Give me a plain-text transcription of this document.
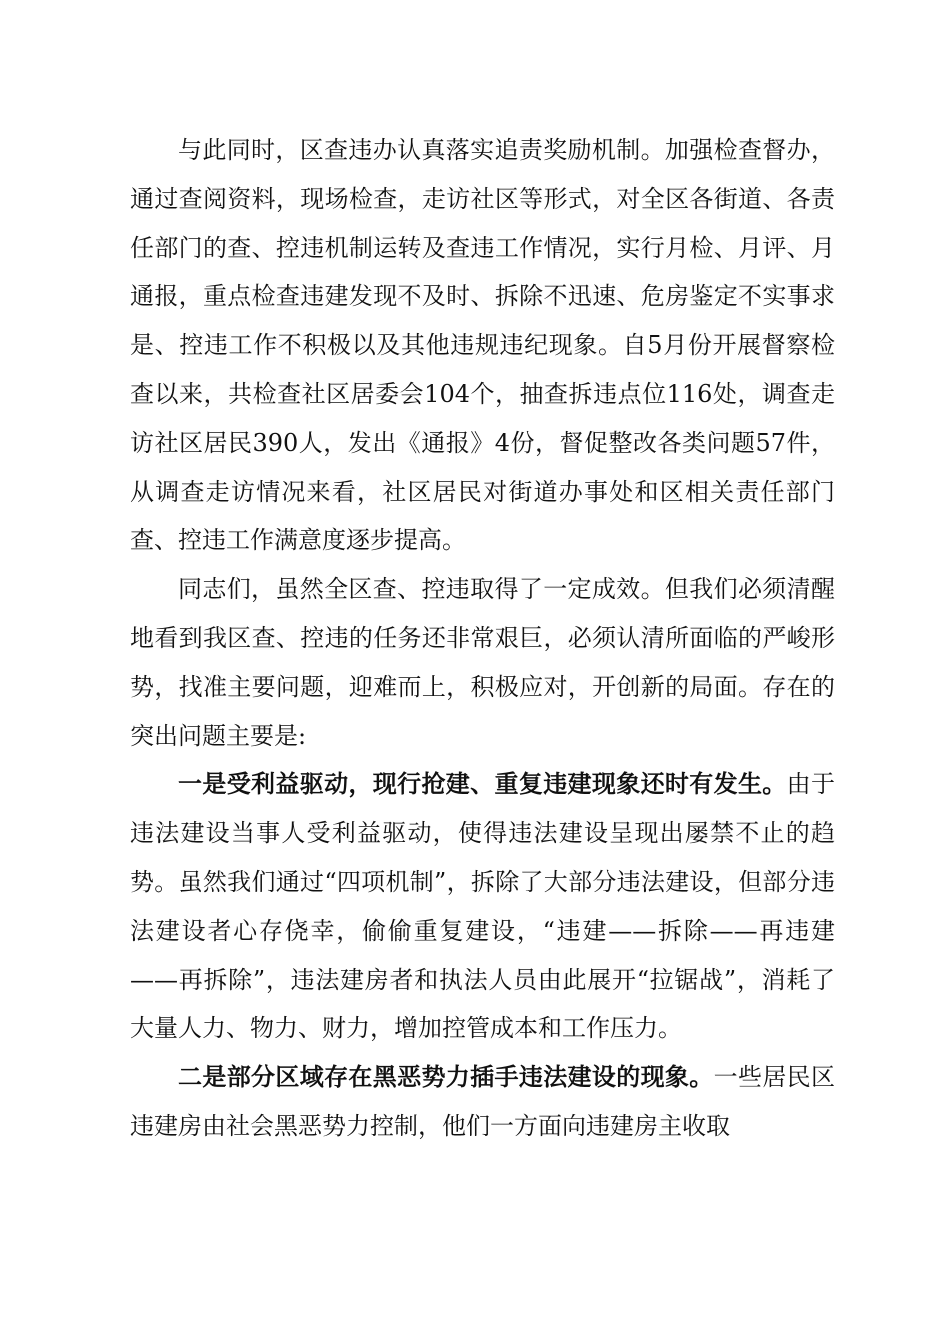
与此同时，区查违办认真落实追责奖励机制。加强检查督办，通过查阅资料，现场检查，走访社区等形式，对全区各街道、各责任部门的查、控违机制运转及查违工作情况，实行月检、月评、月通报，重点检查违建发现不及时、拆除不迅速、危房鉴定不实事求是、控违工作不积极以及其他违规违纪现象。自5月份开展督察检查以来，共检查社区居委会104个，抽查拆违点位116处，调查走访社区居民390人，发出《通报》4份，督促整改各类问题57件，从调查走访情况来看，社区居民对街道办事处和区相关责任部门查、控违工作满意度逐步提高。

同志们，虽然全区查、控违取得了一定成效。但我们必须清醒地看到我区查、控违的任务还非常艰巨，必须认清所面临的严峻形势，找准主要问题，迎难而上，积极应对，开创新的局面。存在的突出问题主要是:

一是受利益驱动，现行抢建、重复违建现象还时有发生。由于违法建设当事人受利益驱动，使得违法建设呈现出屡禁不止的趋势。虽然我们通过“四项机制”，拆除了大部分违法建设，但部分违法建设者心存侥幸，偷偷重复建设，“违建——拆除——再违建——再拆除”，违法建房者和执法人员由此展开“拉锯战”，消耗了大量人力、物力、财力，增加控管成本和工作压力。

二是部分区域存在黑恶势力插手违法建设的现象。一些居民区违建房由社会黑恶势力控制，他们一方面向违建房主收取
